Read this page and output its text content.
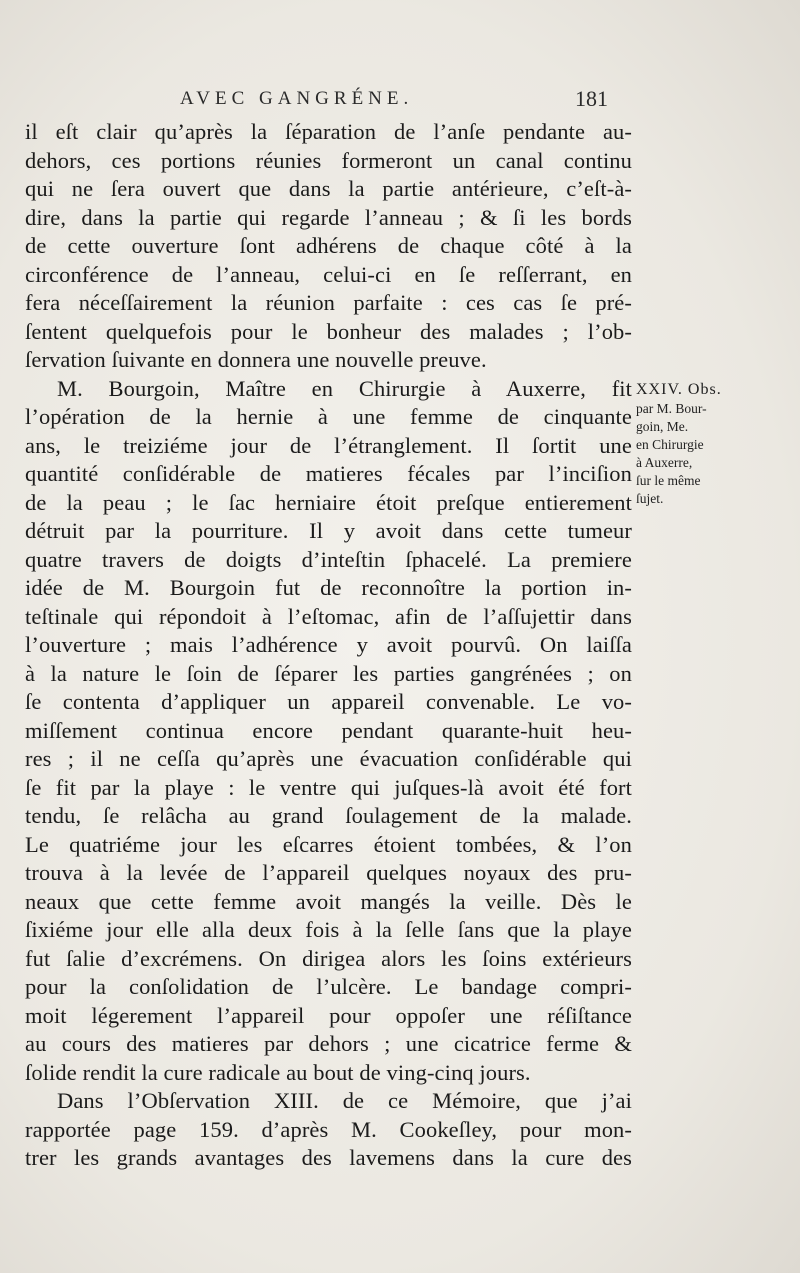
AVEC GANGRÉNE.	181
il eſt clair qu’après la ſéparation de l’anſe pendante au-
dehors, ces portions réunies formeront un canal continu
qui ne ſera ouvert que dans la partie antérieure, c’eſt-à-
dire, dans la partie qui regarde l’anneau ; & ſi les bords
de cette ouverture ſont adhérens de chaque côté à la
circonférence de l’anneau, celui-ci en ſe reſſerrant, en
fera néceſſairement la réunion parfaite : ces cas ſe pré-
ſentent quelquefois pour le bonheur des malades ; l’ob-
ſervation ſuivante en donnera une nouvelle preuve.
M. Bourgoin, Maître en Chirurgie à Auxerre, fit
l’opération de la hernie à une femme de cinquante
ans, le treiziéme jour de l’étranglement. Il ſortit une
quantité conſidérable de matieres fécales par l’inciſion
de la peau ; le ſac herniaire étoit preſque entierement
détruit par la pourriture. Il y avoit dans cette tumeur
quatre travers de doigts d’inteſtin ſphacelé. La premiere
idée de M. Bourgoin fut de reconnoître la portion in-
teſtinale qui répondoit à l’eſtomac, afin de l’aſſujettir dans
l’ouverture ; mais l’adhérence y avoit pourvû. On laiſſa
à la nature le ſoin de ſéparer les parties gangrénées ; on
ſe contenta d’appliquer un appareil convenable. Le vo-
miſſement continua encore pendant quarante-huit heu-
res ; il ne ceſſa qu’après une évacuation conſidérable qui
ſe fit par la playe : le ventre qui juſques-là avoit été fort
tendu, ſe relâcha au grand ſoulagement de la malade.
Le quatriéme jour les eſcarres étoient tombées, & l’on
trouva à la levée de l’appareil quelques noyaux des pru-
neaux que cette femme avoit mangés la veille. Dès le
ſixiéme jour elle alla deux fois à la ſelle ſans que la playe
fut ſalie d’excrémens. On dirigea alors les ſoins extérieurs
pour la conſolidation de l’ulcère. Le bandage compri-
moit légerement l’appareil pour oppoſer une réſiſtance
au cours des matieres par dehors ; une cicatrice ferme &
ſolide rendit la cure radicale au bout de ving-cinq jours.
Dans l’Obſervation XIII. de ce Mémoire, que j’ai
rapportée page 159. d’après M. Cookeſley, pour mon-
trer les grands avantages des lavemens dans la cure des
XXIV. Obs.
par M. Bour-
goin, Me.
en Chirurgie
à Auxerre,
ſur le même
ſujet.
